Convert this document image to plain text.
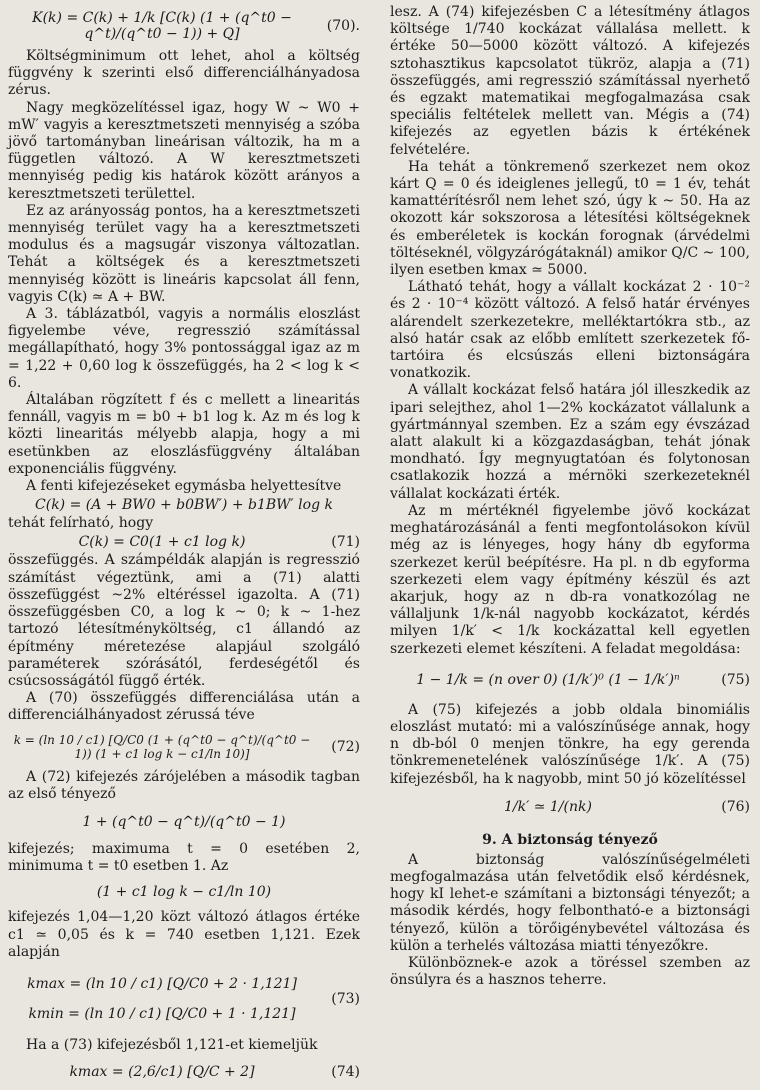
K(k) = C(k) + 1/k [C(k) (1 + (q^t0 − q^t)/(q^t0 − 1)) + Q]	(70).

Költségminimum ott lehet, ahol a költség függvény k szerinti első differenciálhányadosa zérus.

Nagy megközelítéssel igaz, hogy W ~ W0 + mW′ vagyis a keresztmetszeti mennyiség a szóba jövő tartományban lineárisan változik, ha m a független változó. A W keresztmetszeti mennyiség pedig kis határok között arányos a keresztmetszeti területtel.

Ez az arányosság pontos, ha a keresztmetszeti mennyiség terület vagy ha a keresztmetszeti modulus és a magsugár viszonya változatlan. Tehát a költségek és a keresztmetszeti mennyiség között is lineáris kapcsolat áll fenn, vagyis C(k) ≃ A + BW.

A 3. táblázatból, vagyis a normális eloszlást figyelembe véve, regresszió számítással megállapítható, hogy 3% pontossággal igaz az m = 1,22 + 0,60 log k összefüggés, ha 2 < log k < 6.

Általában rögzített f és c mellett a linearitás fennáll, vagyis m = b0 + b1 log k. Az m és log k közti linearitás mélyebb alapja, hogy a mi esetünkben az eloszlásfüggvény általában exponenciális függvény.

A fenti kifejezéseket egymásba helyettesítve

C(k) = (A + BW0 + b0BW′) + b1BW′ log k

tehát felírható, hogy

C(k) = C0(1 + c1 log k)	(71)

összefüggés. A számpéldák alapján is regresszió számítást végeztünk, ami a (71) alatti összefüggést ~2% eltéréssel igazolta. A (71) összefüggésben C0, a log k ~ 0; k ~ 1-hez tartozó létesítményköltség, c1 állandó az építmény méretezése alapjául szolgáló paraméterek szórásától, ferdeségétől és csúcsosságától függő érték.

A (70) összefüggés differenciálása után a differenciálhányadost zérussá téve

k = (ln 10 / c1) [Q/C0 (1 + (q^t0 − q^t)/(q^t0 − 1)) (1 + c1 log k − c1/ln 10)]	(72)

A (72) kifejezés zárójelében a második tagban az első tényező

1 + (q^t0 − q^t)/(q^t0 − 1)

kifejezés; maximuma t = 0 esetében 2, minimuma t = t0 esetben 1. Az

(1 + c1 log k − c1/ln 10)

kifejezés 1,04—1,20 közt változó átlagos értéke c1 ≃ 0,05 és k = 740 esetben 1,121. Ezek alapján

kmax = (ln 10 / c1) [Q/C0 + 2 · 1,121]
kmin = (ln 10 / c1) [Q/C0 + 1 · 1,121]
(73)

Ha a (73) kifejezésből 1,121-et kiemeljük

kmax = (2,6/c1) [Q/C + 2]	(74)

lesz. A (74) kifejezésben C a létesítmény átlagos költsége 1/740 kockázat vállalása mellett. k értéke 50—5000 között változó. A kifejezés sztohasztikus kapcsolatot tükröz, alapja a (71) összefüggés, ami regresszió számítással nyerhető és egzakt matematikai megfogalmazása csak speciális feltételek mellett van. Mégis a (74) kifejezés az egyetlen bázis k értékének felvételére.

Ha tehát a tönkremenő szerkezet nem okoz kárt Q = 0 és ideiglenes jellegű, t0 = 1 év, tehát kamattérítésről nem lehet szó, úgy k ~ 50. Ha az okozott kár sokszorosa a létesítési költségeknek és emberéletek is kockán forognak (árvédelmi töltéseknél, völgyzárógátaknál) amikor Q/C ~ 100, ilyen esetben kmax ≃ 5000.

Látható tehát, hogy a vállalt kockázat 2 · 10⁻² és 2 · 10⁻⁴ között változó. A felső határ érvényes alárendelt szerkezetekre, melléktartókra stb., az alsó határ csak az előbb említett szerkezetek fő-tartóira és elcsúszás elleni biztonságára vonatkozik.

A vállalt kockázat felső határa jól illeszkedik az ipari selejthez, ahol 1—2% kockázatot vállalunk a gyártmánnyal szemben. Ez a szám egy évszázad alatt alakult ki a közgazdaságban, tehát jónak mondható. Így megnyugtatóan és folytonosan csatlakozik hozzá a mérnöki szerkezeteknél vállalat kockázati érték.

Az m mértéknél figyelembe jövő kockázat meghatározásánál a fenti megfontolásokon kívül még az is lényeges, hogy hány db egyforma szerkezet kerül beépítésre. Ha pl. n db egyforma szerkezeti elem vagy építmény készül és azt akarjuk, hogy az n db-ra vonatkozólag ne vállaljunk 1/k-nál nagyobb kockázatot, kérdés milyen 1/k′ < 1/k kockázattal kell egyetlen szerkezeti elemet készíteni. A feladat megoldása:

1 − 1/k = (n over 0) (1/k′)⁰ (1 − 1/k′)ⁿ	(75)

A (75) kifejezés a jobb oldala binomiális eloszlást mutató: mi a valószínűsége annak, hogy n db-ból 0 menjen tönkre, ha egy gerenda tönkremenetelének valószínűsége 1/k′. A (75) kifejezésből, ha k nagyobb, mint 50 jó közelítéssel

1/k′ ≃ 1/(nk)	(76)
9. A biztonság tényező

A biztonság valószínűségelméleti megfogalmazása után felvetődik első kérdésnek, hogy kI lehet-e számítani a biztonsági tényezőt; a második kérdés, hogy felbontható-e a biztonsági tényező, külön a törőigénybevétel változása és külön a terhelés változása miatti tényezőkre.

Különböznek-e azok a töréssel szemben az önsúlyra és a hasznos teherre.
